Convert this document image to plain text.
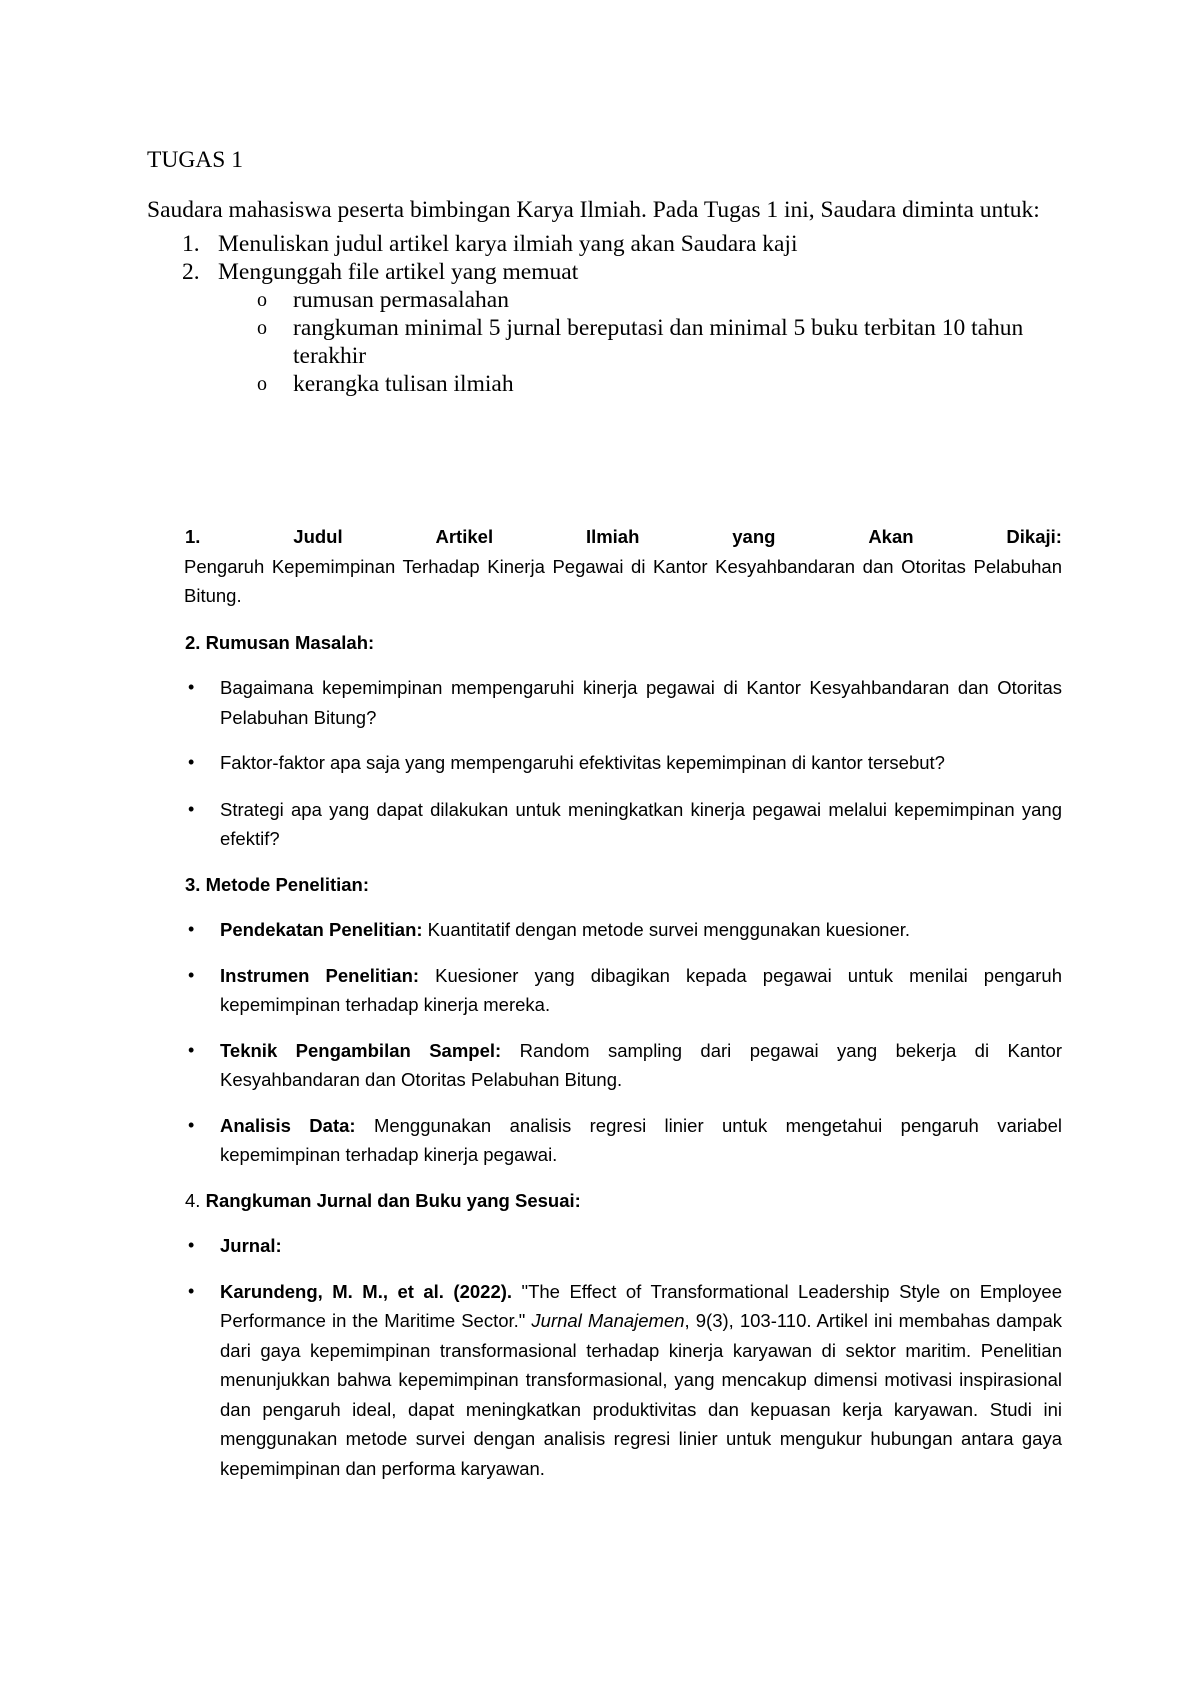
TUGAS 1

Saudara mahasiswa peserta bimbingan Karya Ilmiah. Pada Tugas 1 ini, Saudara diminta untuk:

1. Menuliskan judul artikel karya ilmiah yang akan Saudara kaji
2. Mengunggah file artikel yang memuat
o rumusan permasalahan
o rangkuman minimal 5 jurnal bereputasi dan minimal 5 buku terbitan 10 tahun terakhir
o kerangka tulisan ilmiah
1.	Judul	Artikel	Ilmiah	yang	Akan	Dikaji:

Pengaruh Kepemimpinan Terhadap Kinerja Pegawai di Kantor Kesyahbandaran dan Otoritas Pelabuhan Bitung.

2. Rumusan Masalah:

• Bagaimana kepemimpinan mempengaruhi kinerja pegawai di Kantor Kesyahbandaran dan Otoritas Pelabuhan Bitung?
• Faktor-faktor apa saja yang mempengaruhi efektivitas kepemimpinan di kantor tersebut?
• Strategi apa yang dapat dilakukan untuk meningkatkan kinerja pegawai melalui kepemimpinan yang efektif?

3. Metode Penelitian:

• Pendekatan Penelitian: Kuantitatif dengan metode survei menggunakan kuesioner.
• Instrumen Penelitian: Kuesioner yang dibagikan kepada pegawai untuk menilai pengaruh kepemimpinan terhadap kinerja mereka.
• Teknik Pengambilan Sampel: Random sampling dari pegawai yang bekerja di Kantor Kesyahbandaran dan Otoritas Pelabuhan Bitung.
• Analisis Data: Menggunakan analisis regresi linier untuk mengetahui pengaruh variabel kepemimpinan terhadap kinerja pegawai.

4. Rangkuman Jurnal dan Buku yang Sesuai:

• Jurnal:
• Karundeng, M. M., et al. (2022). "The Effect of Transformational Leadership Style on Employee Performance in the Maritime Sector." Jurnal Manajemen, 9(3), 103-110. Artikel ini membahas dampak dari gaya kepemimpinan transformasional terhadap kinerja karyawan di sektor maritim. Penelitian menunjukkan bahwa kepemimpinan transformasional, yang mencakup dimensi motivasi inspirasional dan pengaruh ideal, dapat meningkatkan produktivitas dan kepuasan kerja karyawan. Studi ini menggunakan metode survei dengan analisis regresi linier untuk mengukur hubungan antara gaya kepemimpinan dan performa karyawan.
